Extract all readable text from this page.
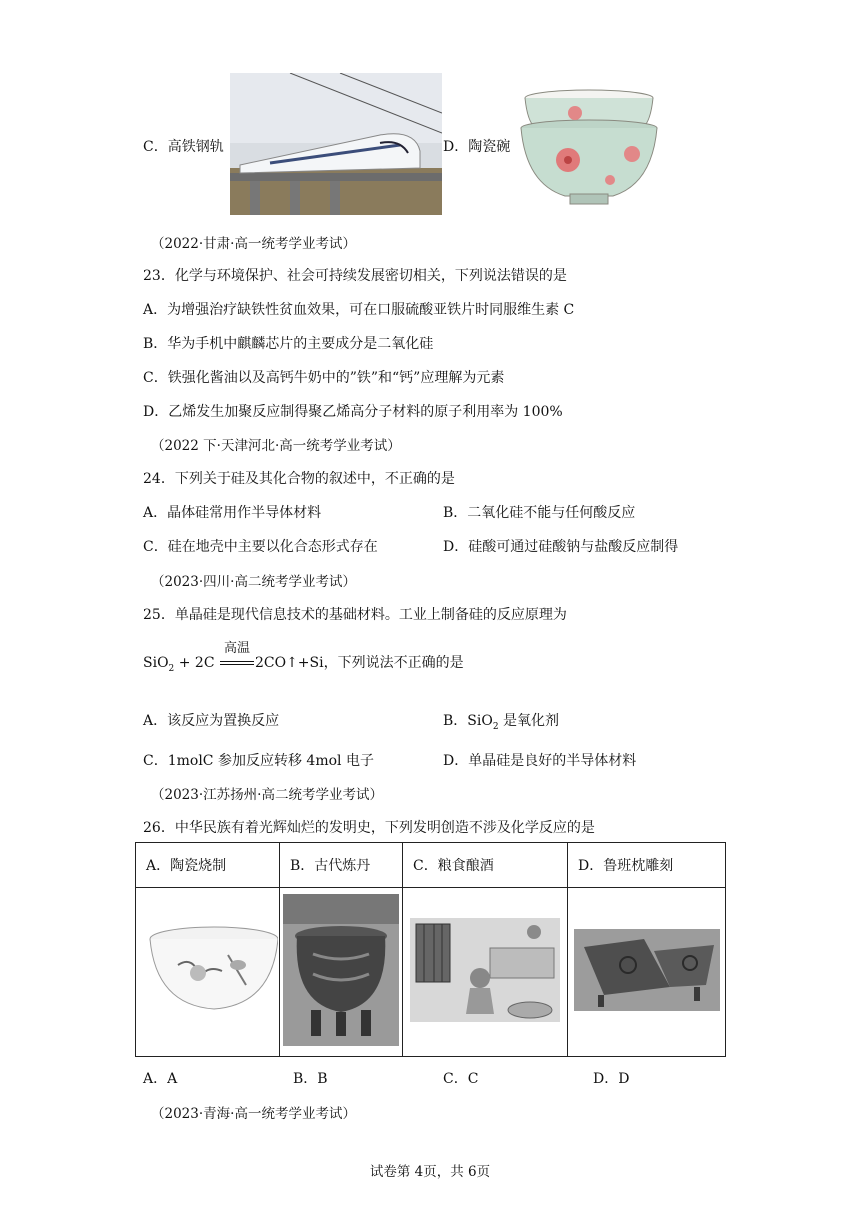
C．高铁钢轨	D．陶瓷碗
（2022·甘肃·高一统考学业考试）
23．化学与环境保护、社会可持续发展密切相关，下列说法错误的是
A．为增强治疗缺铁性贫血效果，可在口服硫酸亚铁片时同服维生素 C
B．华为手机中麒麟芯片的主要成分是二氧化硅
C．铁强化酱油以及高钙牛奶中的”铁”和“钙”应理解为元素
D．乙烯发生加聚反应制得聚乙烯高分子材料的原子利用率为 100%
（2022 下·天津河北·高一统考学业考试）
24．下列关于硅及其化合物的叙述中，不正确的是
A．晶体硅常用作半导体材料	B．二氧化硅不能与任何酸反应
C．硅在地壳中主要以化合态形式存在	D．硅酸可通过硅酸钠与盐酸反应制得
（2023·四川·高二统考学业考试）
25．单晶硅是现代信息技术的基础材料。工业上制备硅的反应原理为
SiO$_2$ + 2C
高温
2CO↑+Si，下列说法不正确的是
A．该反应为置换反应	B．SiO$_2$ 是氧化剂
C．1molC 参加反应转移 4mol 电子	D．单晶硅是良好的半导体材料
（2023·江苏扬州·高二统考学业考试）
26．中华民族有着光辉灿烂的发明史，下列发明创造不涉及化学反应的是
A．陶瓷烧制	B．古代炼丹	C．粮食酿酒	D．鲁班枕雕刻

A．A	B．B	C．C	D．D
（2023·青海·高一统考学业考试）
试卷第 4页，共 6页
